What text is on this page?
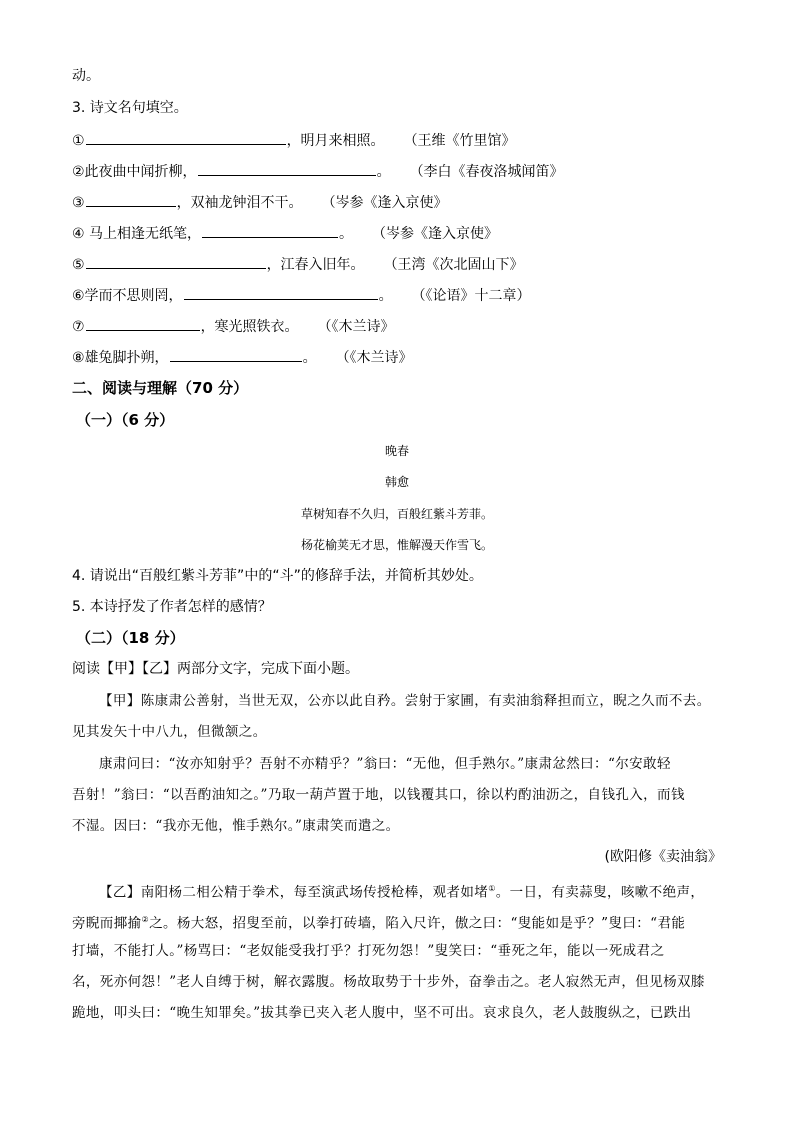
动。
3. 诗文名句填空。
①	，明月来相照。 （王维《竹里馆》
②此夜曲中闻折柳，	。 （李白《春夜洛城闻笛》
③	，双袖龙钟泪不干。 （岑参《逢入京使》
④ 马上相逢无纸笔，	。 （岑参《逢入京使》
⑤	，江春入旧年。 （王湾《次北固山下》
⑥学而不思则罔，	。 （《论语》十二章）
⑦	，寒光照铁衣。 （《木兰诗》
⑧雄兔脚扑朔，	。 （《木兰诗》
二、阅读与理解（70 分）
（一）（6 分）
晚春
韩愈
草树知春不久归，百般红紫斗芳菲。
杨花榆荚无才思，惟解漫天作雪飞。
4. 请说出“百般红紫斗芳菲”中的“斗”的修辞手法，并简析其妙处。
5. 本诗抒发了作者怎样的感情？
（二）（18 分）
阅读【甲】【乙】两部分文字，完成下面小题。
【甲】陈康肃公善射，当世无双，公亦以此自矜。尝射于家圃，有卖油翁释担而立，睨之久而不去。
见其发矢十中八九，但微颔之。
康肃问曰：“汝亦知射乎？吾射不亦精乎？”翁曰：“无他，但手熟尔。”康肃忿然曰：“尔安敢轻
吾射！”翁曰：“以吾酌油知之。”乃取一葫芦置于地，以钱覆其口，徐以杓酌油沥之，自钱孔入，而钱
不湿。因曰：“我亦无他，惟手熟尔。”康肃笑而遣之。
(欧阳修《卖油翁》
【乙】南阳杨二相公精于拳术，每至演武场传授枪棒，观者如堵①。一日，有卖蒜叟，咳嗽不绝声，
旁睨而揶揄②之。杨大怒，招叟至前，以拳打砖墙，陷入尺许，傲之曰：“叟能如是乎？”叟曰：“君能
打墙，不能打人。”杨骂曰：“老奴能受我打乎？打死勿怨！”叟笑曰：“垂死之年，能以一死成君之
名，死亦何怨！”老人自缚于树，解衣露腹。杨故取势于十步外，奋拳击之。老人寂然无声，但见杨双膝
跪地，叩头曰：“晚生知罪矣。”拔其拳已夹入老人腹中，坚不可出。哀求良久，老人鼓腹纵之，已跌出
